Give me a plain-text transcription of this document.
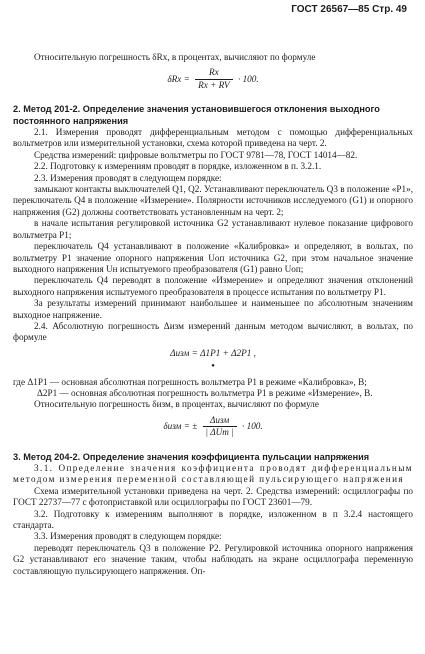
ГОСТ 26567—85 Стр. 49

Относительную погрешность δRx, в процентах, вычисляют по формуле

$\delta Rx = \frac{Rx}{Rx + RV} \cdot 100$.

2. Метод 201-2. Определение значения установившегося отклонения выходного постоянного напряжения

2.1. Измерения проводят дифференциальным методом с помощью дифференциальных вольтметров или измерительной установки, схема которой приведена на черт. 2.

Средства измерений: цифровые вольтметры по ГОСТ 9781—78, ГОСТ 14014—82.

2.2. Подготовку к измерениям проводят в порядке, изложенном в п. 3.2.1.

2.3. Измерения проводят в следующем порядке:

замыкают контакты выключателей Q1, Q2. Устанавливают переключатель Q3 в положение «P1», переключатель Q4 в положение «Измерение». Полярности источников исследуемого (G1) и опорного напряжения (G2) должны соответствовать установленным на черт. 2;

в начале испытания регулировкой источника G2 устанавливают нулевое показание цифрового вольтметра P1;

переключатель Q4 устанавливают в положение «Калибровка» и определяют, в вольтах, по вольтметру P1 значение опорного напряжения Uоп источника G2, при этом начальное значение выходного напряжения Uн испытуемого преобразователя (G1) равно Uоп;

переключатель Q4 переводят в положение «Измерение» и определяют значения отклонений выходного напряжения испытуемого преобразователя в процессе испытания по вольтметру P1.

За результаты измерений принимают наибольшее и наименьшее по абсолютным значениям выходное напряжение.

2.4. Абсолютную погрешность Δизм измерений данным методом вычисляют, в вольтах, по формуле

Δизм = Δ1P1 + Δ2P1 ,
●

где Δ1P1 — основная абсолютная погрешность вольтметра P1 в режиме «Калибровка», В;

Δ2P1 — основная абсолютная погрешность вольтметра P1 в режиме «Измерение», В.

Относительную погрешность δизм, в процентах, вычисляют по формуле

δизм = ± $\frac{\text{Δизм}}{\text{| ΔUт |}} \cdot 100$.

3. Метод 204-2. Определение значения коэффициента пульсации напряжения

3.1. Определение значения коэффициента проводят дифференциальным методом измерения переменной составляющей пульсирующего напряжения

Схема измерительной установки приведена на черт. 2. Средства измерений: осциллографы по ГОСТ 22737—77 с фотоприставкой или осциллографы по ГОСТ 23601—79.

3.2. Подготовку к измерениям выполняют в порядке, изложенном в п 3.2.4 настоящего стандарта.

3.3. Измерения проводят в следующем порядке:

переводят переключатель Q3 в положение P2. Регулировкой источника опорного напряжения G2 устанавливают его значение таким, чтобы наблюдать на экране осциллографа переменную составляющую пульсирующего напряжения. Оп-
